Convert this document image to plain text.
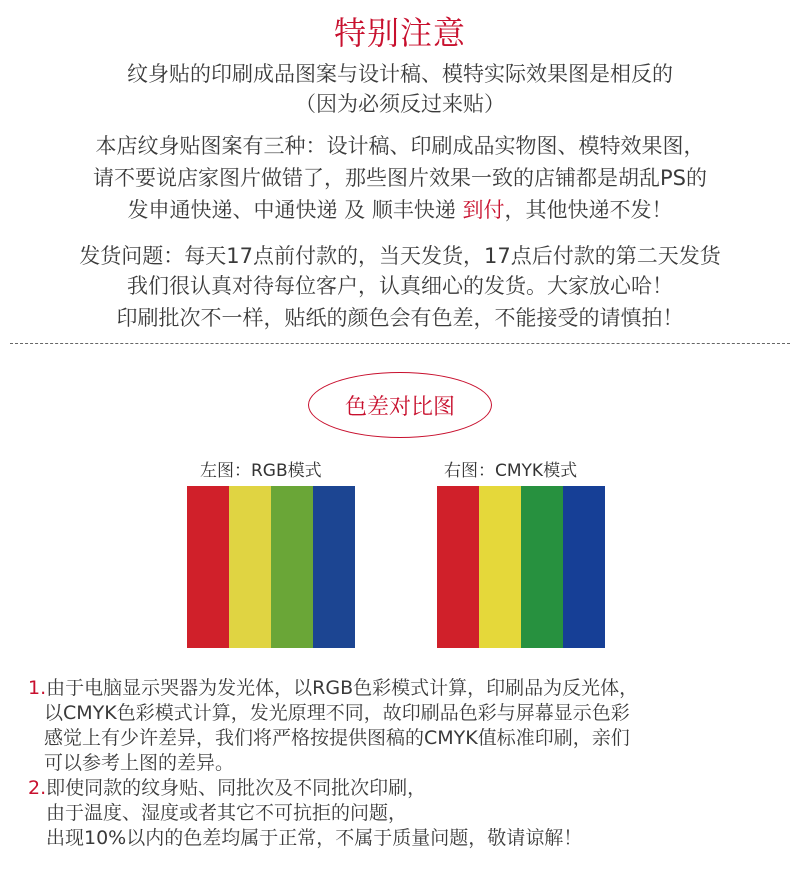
特别注意
纹身贴的印刷成品图案与设计稿、模特实际效果图是相反的
（因为必须反过来贴）
本店纹身贴图案有三种：设计稿、印刷成品实物图、模特效果图，
请不要说店家图片做错了，那些图片效果一致的店铺都是胡乱PS的
发申通快递、中通快递 及 顺丰快递 到付，其他快递不发！
发货问题：每天17点前付款的，当天发货，17点后付款的第二天发货
我们很认真对待每位客户，认真细心的发货。大家放心哈！
印刷批次不一样，贴纸的颜色会有色差，不能接受的请慎拍！
色差对比图
左图：RGB模式	右图：CMYK模式
1.由于电脑显示哭器为发光体，以RGB色彩模式计算，印刷品为反光体，
以CMYK色彩模式计算，发光原理不同，故印刷品色彩与屏幕显示色彩
感觉上有少许差异，我们将严格按提供图稿的CMYK值标准印刷，亲们
可以参考上图的差异。
2.即使同款的纹身贴、同批次及不同批次印刷，
由于温度、湿度或者其它不可抗拒的问题，
出现10%以内的色差均属于正常，不属于质量问题，敬请谅解！
